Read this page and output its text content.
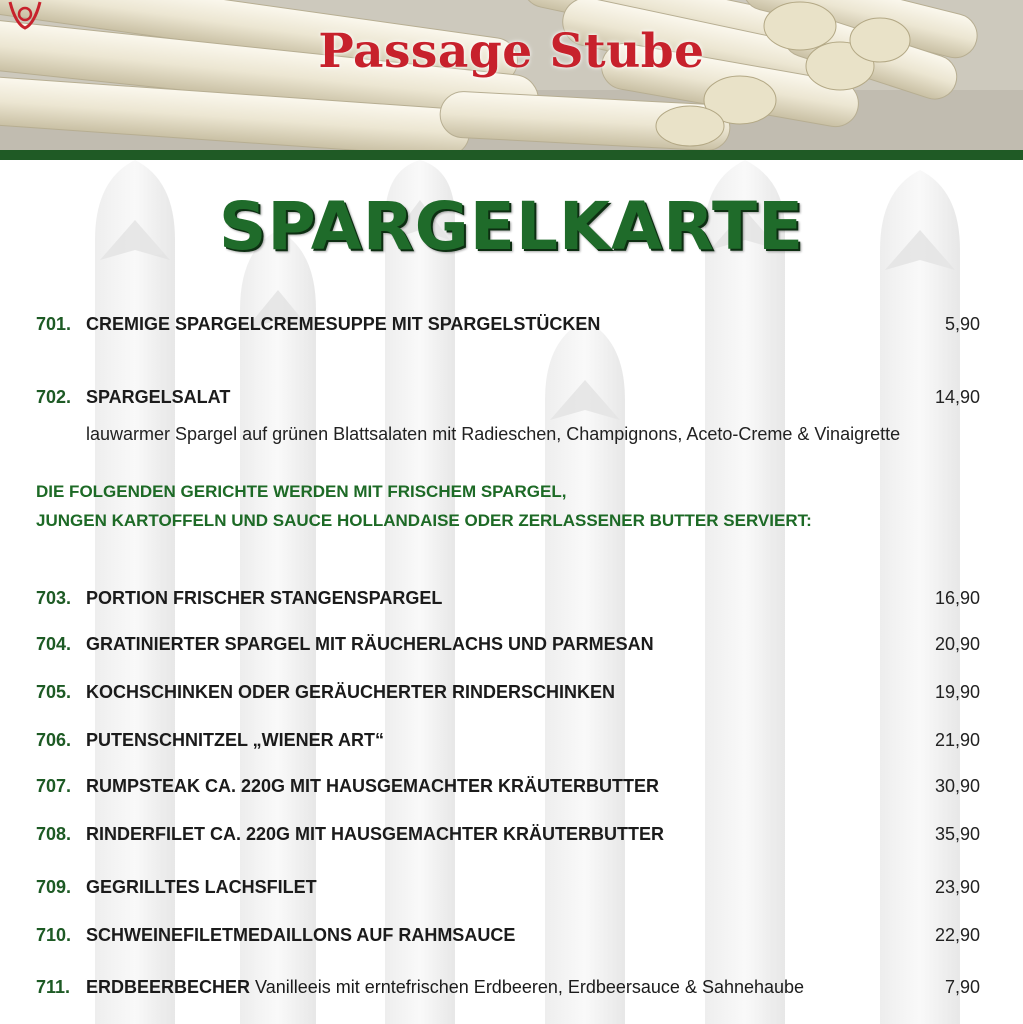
Passage Stube
SPARGELKARTE
701. CREMIGE SPARGELCREMESUPPE MIT SPARGELSTÜCKEN	5,90
702. SPARGELSALAT	14,90
lauwarmer Spargel auf grünen Blattsalaten mit Radieschen, Champignons, Aceto-Creme & Vinaigrette
DIE FOLGENDEN GERICHTE WERDEN MIT FRISCHEM SPARGEL,
JUNGEN KARTOFFELN UND SAUCE HOLLANDAISE ODER ZERLASSENER BUTTER SERVIERT:
703. PORTION FRISCHER STANGENSPARGEL	16,90
704. GRATINIERTER SPARGEL MIT RÄUCHERLACHS UND PARMESAN	20,90
705. KOCHSCHINKEN ODER GERÄUCHERTER RINDERSCHINKEN	19,90
706. PUTENSCHNITZEL „WIENER ART“	21,90
707. RUMPSTEAK CA. 220G MIT HAUSGEMACHTER KRÄUTERBUTTER	30,90
708. RINDERFILET CA. 220G MIT HAUSGEMACHTER KRÄUTERBUTTER	35,90
709. GEGRILLTES LACHSFILET	23,90
710. SCHWEINEFILETMEDAILLONS AUF RAHMSAUCE	22,90
711. ERDBEERBECHER Vanilleeis mit erntefrischen Erdbeeren, Erdbeersauce & Sahnehaube	7,90
